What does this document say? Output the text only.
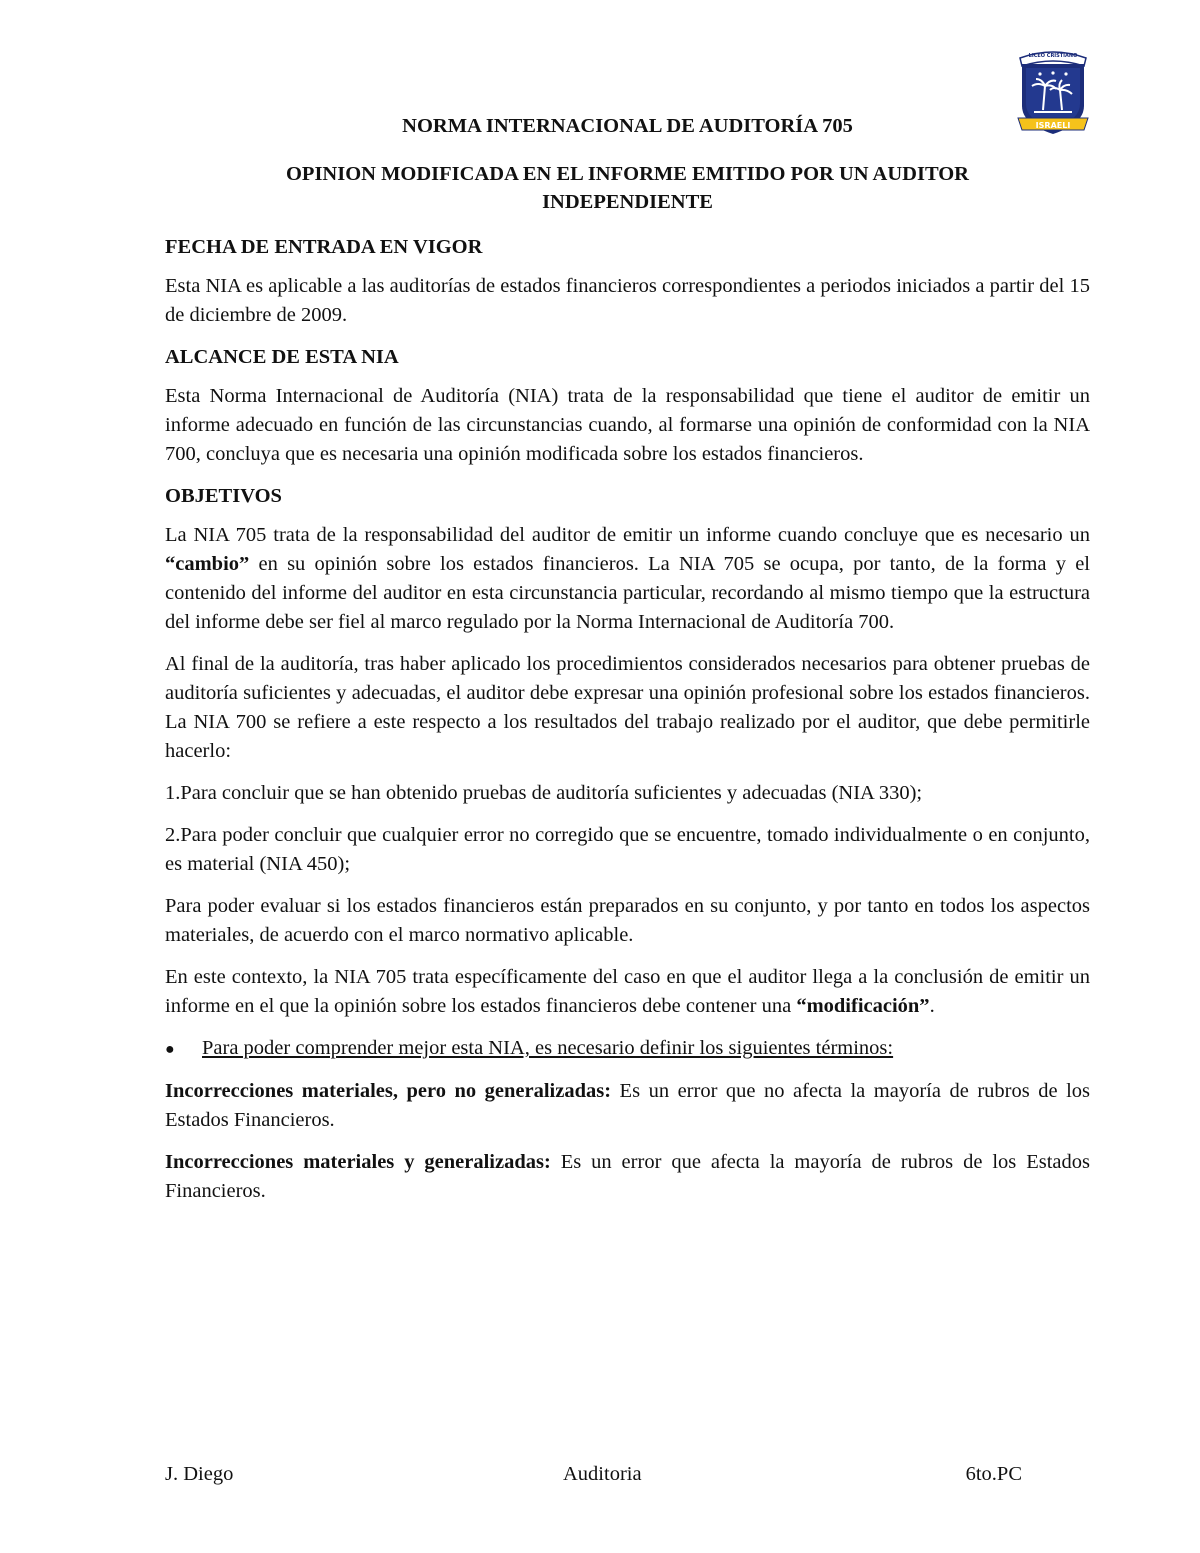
ISRAELI
LICEO CRISTIANO
NORMA INTERNACIONAL DE AUDITORÍA 705
OPINION MODIFICADA EN EL INFORME EMITIDO POR UN AUDITOR
INDEPENDIENTE
FECHA DE ENTRADA EN VIGOR

Esta NIA es aplicable a las auditorías de estados financieros correspondientes a periodos iniciados a partir del 15 de diciembre de 2009.

ALCANCE DE ESTA NIA

Esta Norma Internacional de Auditoría (NIA) trata de la responsabilidad que tiene el auditor de emitir un informe adecuado en función de las circunstancias cuando, al formarse una opinión de conformidad con la NIA 700, concluya que es necesaria una opinión modificada sobre los estados financieros.

OBJETIVOS

La NIA 705 trata de la responsabilidad del auditor de emitir un informe cuando concluye que es necesario un “cambio” en su opinión sobre los estados financieros. La NIA 705 se ocupa, por tanto, de la forma y el contenido del informe del auditor en esta circunstancia particular, recordando al mismo tiempo que la estructura del informe debe ser fiel al marco regulado por la Norma Internacional de Auditoría 700.

Al final de la auditoría, tras haber aplicado los procedimientos considerados necesarios para obtener pruebas de auditoría suficientes y adecuadas, el auditor debe expresar una opinión profesional sobre los estados financieros. La NIA 700 se refiere a este respecto a los resultados del trabajo realizado por el auditor, que debe permitirle hacerlo:

1.Para concluir que se han obtenido pruebas de auditoría suficientes y adecuadas (NIA 330);

2.Para poder concluir que cualquier error no corregido que se encuentre, tomado individualmente o en conjunto, es material (NIA 450);

Para poder evaluar si los estados financieros están preparados en su conjunto, y por tanto en todos los aspectos materiales, de acuerdo con el marco normativo aplicable.

En este contexto, la NIA 705 trata específicamente del caso en que el auditor llega a la conclusión de emitir un informe en el que la opinión sobre los estados financieros debe contener una “modificación”.

●	Para poder comprender mejor esta NIA, es necesario definir los siguientes términos:

Incorrecciones materiales, pero no generalizadas: Es un error que no afecta la mayoría de rubros de los Estados Financieros.

Incorrecciones materiales y generalizadas: Es un error que afecta la mayoría de rubros de los Estados Financieros.

J. Diego	Auditoria	6to.PC
